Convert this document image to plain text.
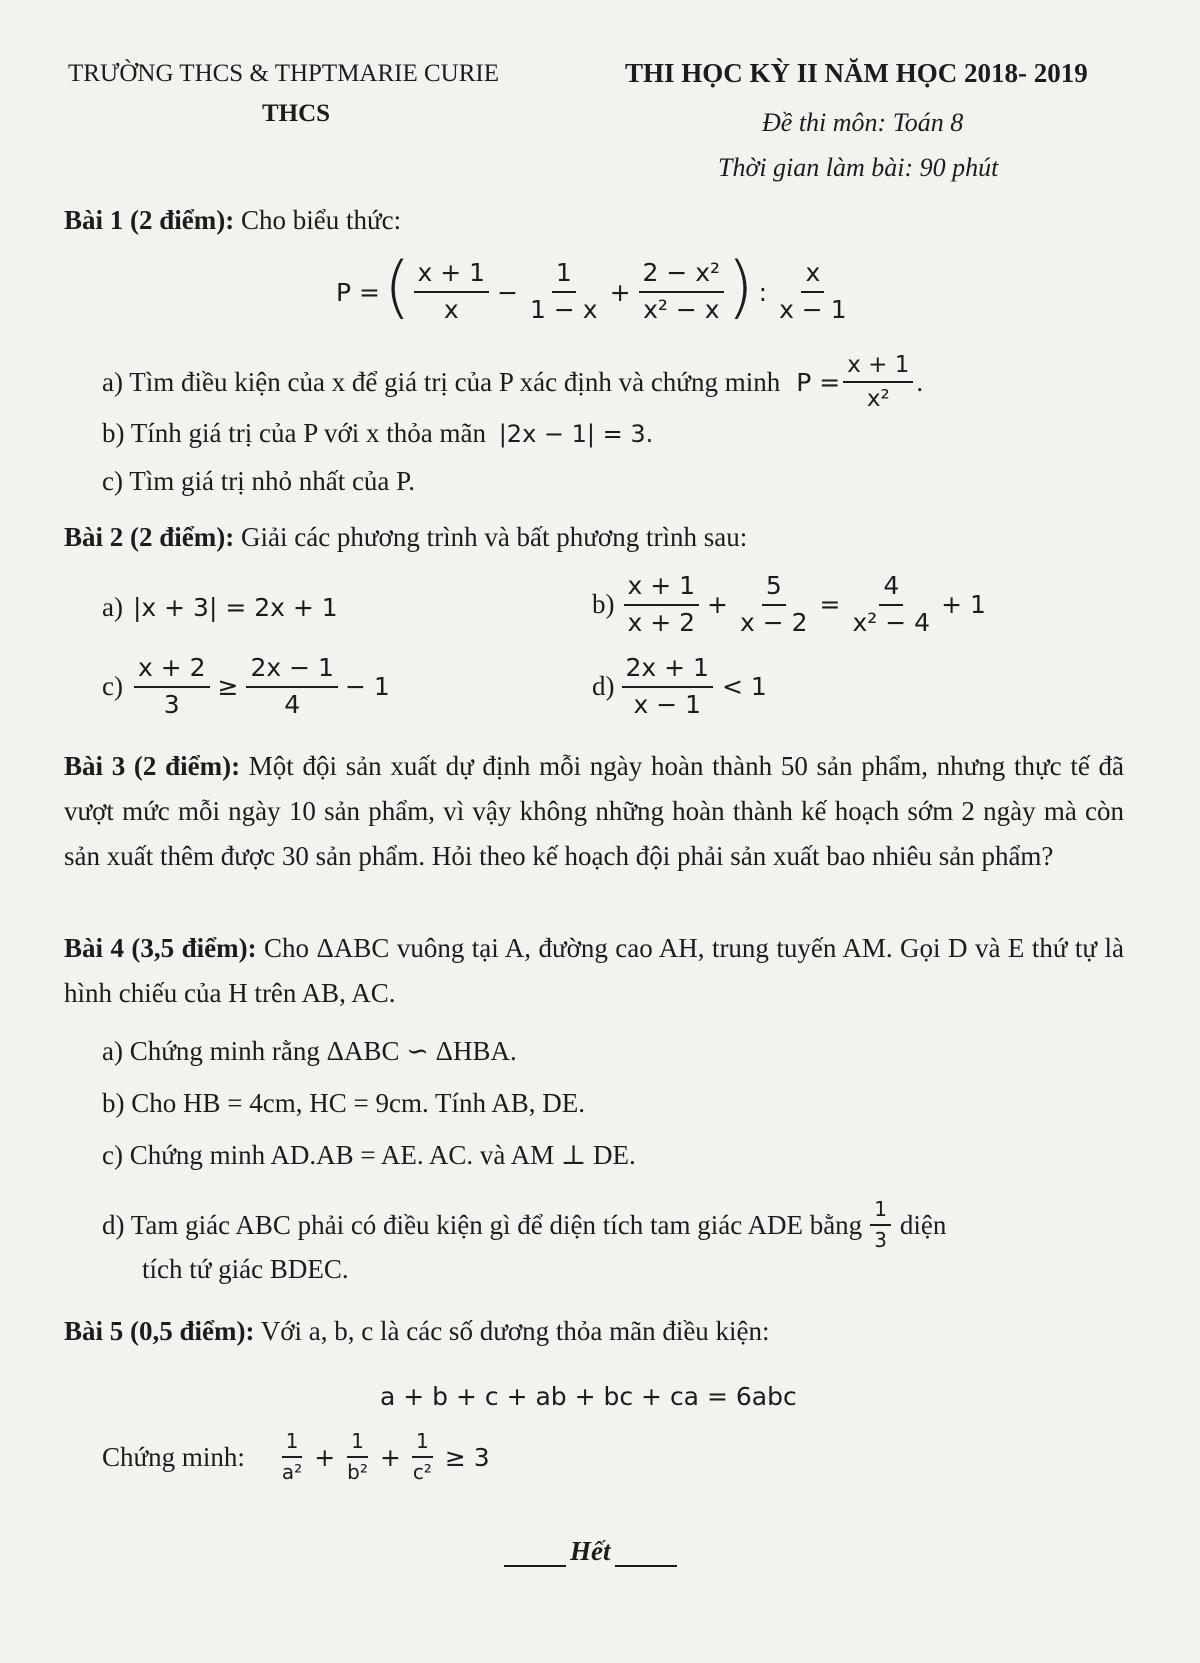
TRƯỜNG THCS & THPTMARIE CURIE
THCS
THI HỌC KỲ II NĂM HỌC 2018- 2019
Đề thi môn: Toán 8
Thời gian làm bài: 90 phút
Bài 1 (2 điểm): Cho biểu thức:
P = ( $\frac{x + 1}{x} - \frac{1}{1 - x} + \frac{\text{2 − x²}}{\text{x² − x}}$ ) : $\frac{x}{x - 1}$
a) Tìm điều kiện của x để giá trị của P xác định và chứng minh $P = \frac{x + 1}{\text{x²}}$ .
b) Tính giá trị của P với x thỏa mãn |2x − 1| = 3.
c) Tìm giá trị nhỏ nhất của P.
Bài 2 (2 điểm): Giải các phương trình và bất phương trình sau:
a) |x + 3| = 2x + 1	$b) \frac{x + 1}{x + 2} + \frac{5}{x - 2} = \frac{4}{\text{x² − 4}} + 1$
$c) \frac{x + 2}{3} \ge \frac{2x - 1}{4} - 1$	$d) \frac{2x + 1}{x - 1} < 1$
Bài 3 (2 điểm): Một đội sản xuất dự định mỗi ngày hoàn thành 50 sản phẩm, nhưng thực tế đã vượt mức mỗi ngày 10 sản phẩm, vì vậy không những hoàn thành kế hoạch sớm 2 ngày mà còn sản xuất thêm được 30 sản phẩm. Hỏi theo kế hoạch đội phải sản xuất bao nhiêu sản phẩm?
Bài 4 (3,5 điểm): Cho ΔABC vuông tại A, đường cao AH, trung tuyến AM. Gọi D và E thứ tự là hình chiếu của H trên AB, AC.
a) Chứng minh rằng ΔABC ∽ ΔHBA.
b) Cho HB = 4cm, HC = 9cm. Tính AB, DE.
c) Chứng minh AD.AB = AE. AC. và AM ⊥ DE.
d) Tam giác ABC phải có điều kiện gì để diện tích tam giác ADE bằng $\frac{1}{3}$ diện
tích tứ giác BDEC.
Bài 5 (0,5 điểm): Với a, b, c là các số dương thỏa mãn điều kiện:
a + b + c + ab + bc + ca = 6abc
Chứng minh: $\frac{1}{\text{a²}} + \frac{1}{\text{b²}} + \frac{1}{\text{c²}} \ge 3$
Hết
